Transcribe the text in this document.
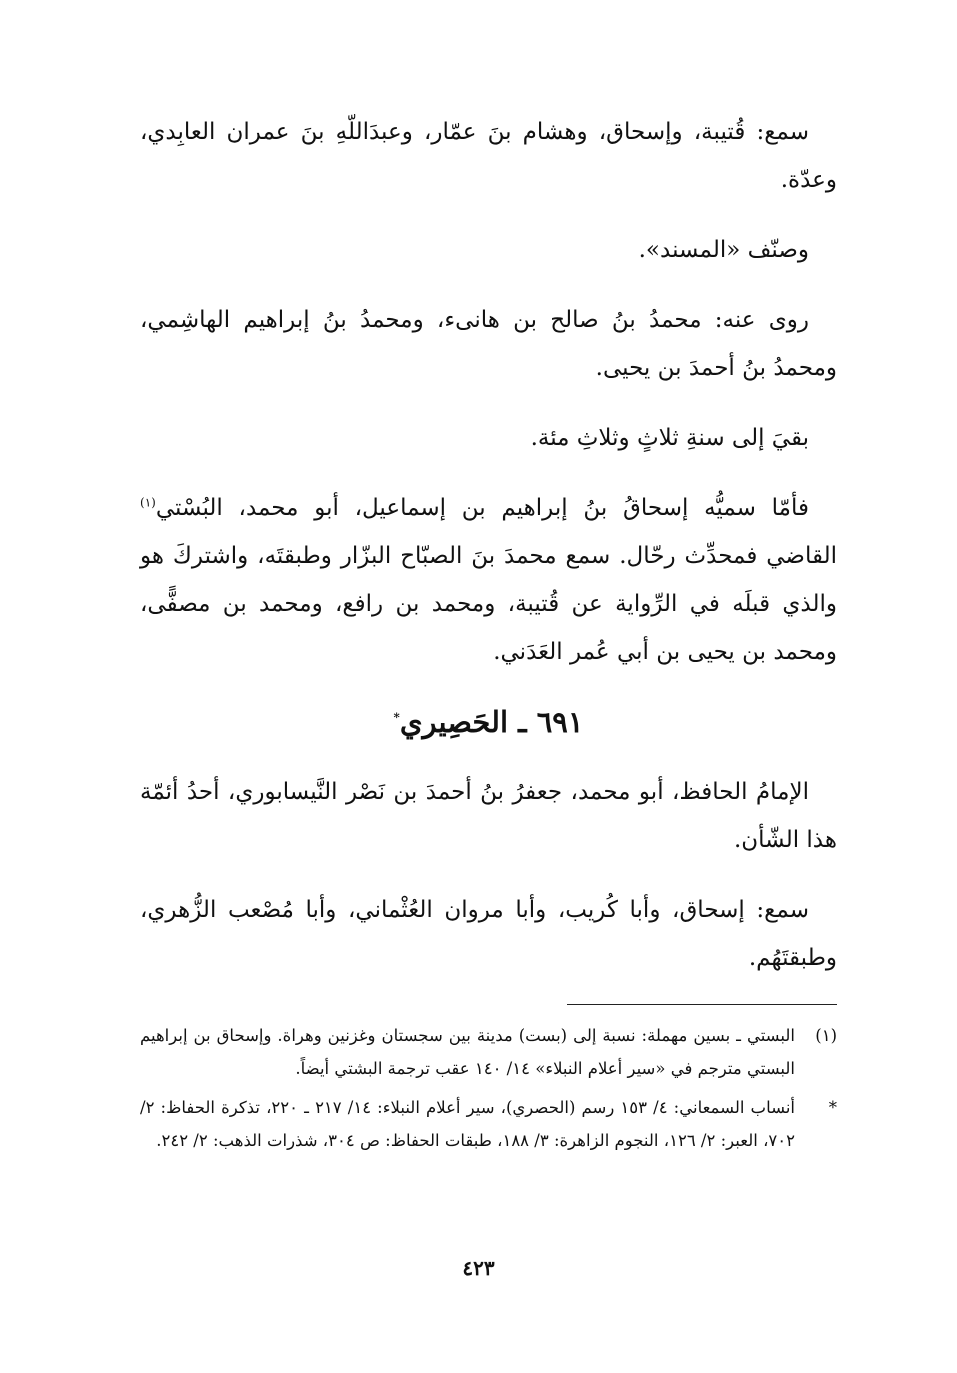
سمع: قُتيبة، وإسحاق، وهشام بنَ عمّار، وعبدَاللّهِ بنَ عمران العابِدي، وعدّة.

وصنّف «المسند».

روى عنه: محمدُ بنُ صالح بن هانىء، ومحمدُ بنُ إبراهيم الهاشِمي، ومحمدُ بنُ أحمدَ بن يحيى.

بقيَ إلى سنةِ ثلاثٍ وثلاثِ مئة.

فأمّا سميُّه إسحاقُ بنُ إبراهيم بن إسماعيل، أبو محمد، البُسْتي$^{(١)}$ القاضي فمحدِّث رحّال. سمع محمدَ بنَ الصبّاح البزّار وطبقتَه، واشتركَ هو والذي قبلَه في الرِّواية عن قُتيبة، ومحمد بن رافع، ومحمد بن مصفًّى، ومحمد بن يحيى بن أبي عُمر العَدَني.

٦٩١ ـ الحَصِيري*

الإمامُ الحافظ، أبو محمد، جعفرُ بنُ أحمدَ بن نَصْر النَّيسابوري، أحدُ أئمّة هذا الشّأن.

سمع: إسحاق، وأبا كُريب، وأبا مروان العُثْماني، وأبا مُصْعب الزُّهري، وطبقتَهُم.

(١)
البستي ـ بسين مهملة: نسبة إلى (بست) مدينة بين سجستان وغزنين وهراة. وإسحاق بن إبراهيم البستي مترجم في «سير أعلام النبلاء» ١٤/ ١٤٠ عقب ترجمة البشتي أيضاً.

*
أنساب السمعاني: ٤/ ١٥٣ رسم (الحصري)، سير أعلام النبلاء: ١٤/ ٢١٧ ـ ٢٢٠، تذكرة الحفاظ: ٢/ ٧٠٢، العبر: ٢/ ١٢٦، النجوم الزاهرة: ٣/ ١٨٨، طبقات الحفاظ: ص ٣٠٤، شذرات الذهب: ٢/ ٢٤٢.

٤٢٣
